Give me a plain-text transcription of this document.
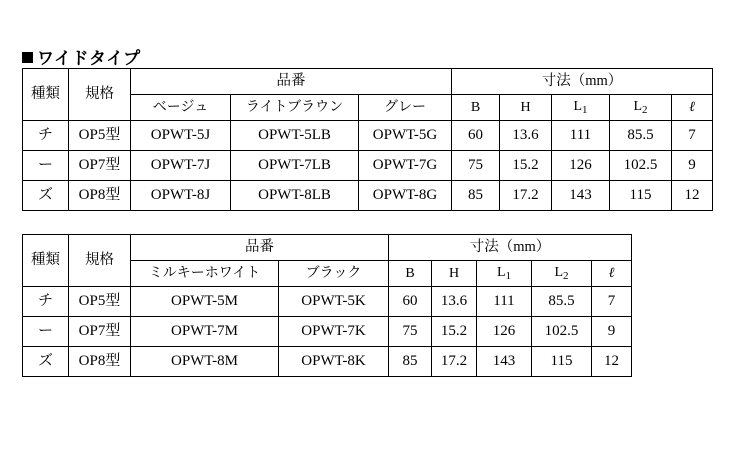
ワイドタイプ
種類	規格	品番			寸法（mm）				
		ベージュ	ライトブラウン	グレー	B	H	$L_1$	$L_2$	ℓ
チ	OP5型	OPWT-5J	OPWT-5LB	OPWT-5G	60	13.6	111	85.5	7
ー	OP7型	OPWT-7J	OPWT-7LB	OPWT-7G	75	15.2	126	102.5	9
ズ	OP8型	OPWT-8J	OPWT-8LB	OPWT-8G	85	17.2	143	115	12
種類	規格	品番		寸法（mm）				
		ミルキーホワイト	ブラック	B	H	$L_1$	$L_2$	ℓ
チ	OP5型	OPWT-5M	OPWT-5K	60	13.6	111	85.5	7
ー	OP7型	OPWT-7M	OPWT-7K	75	15.2	126	102.5	9
ズ	OP8型	OPWT-8M	OPWT-8K	85	17.2	143	115	12
